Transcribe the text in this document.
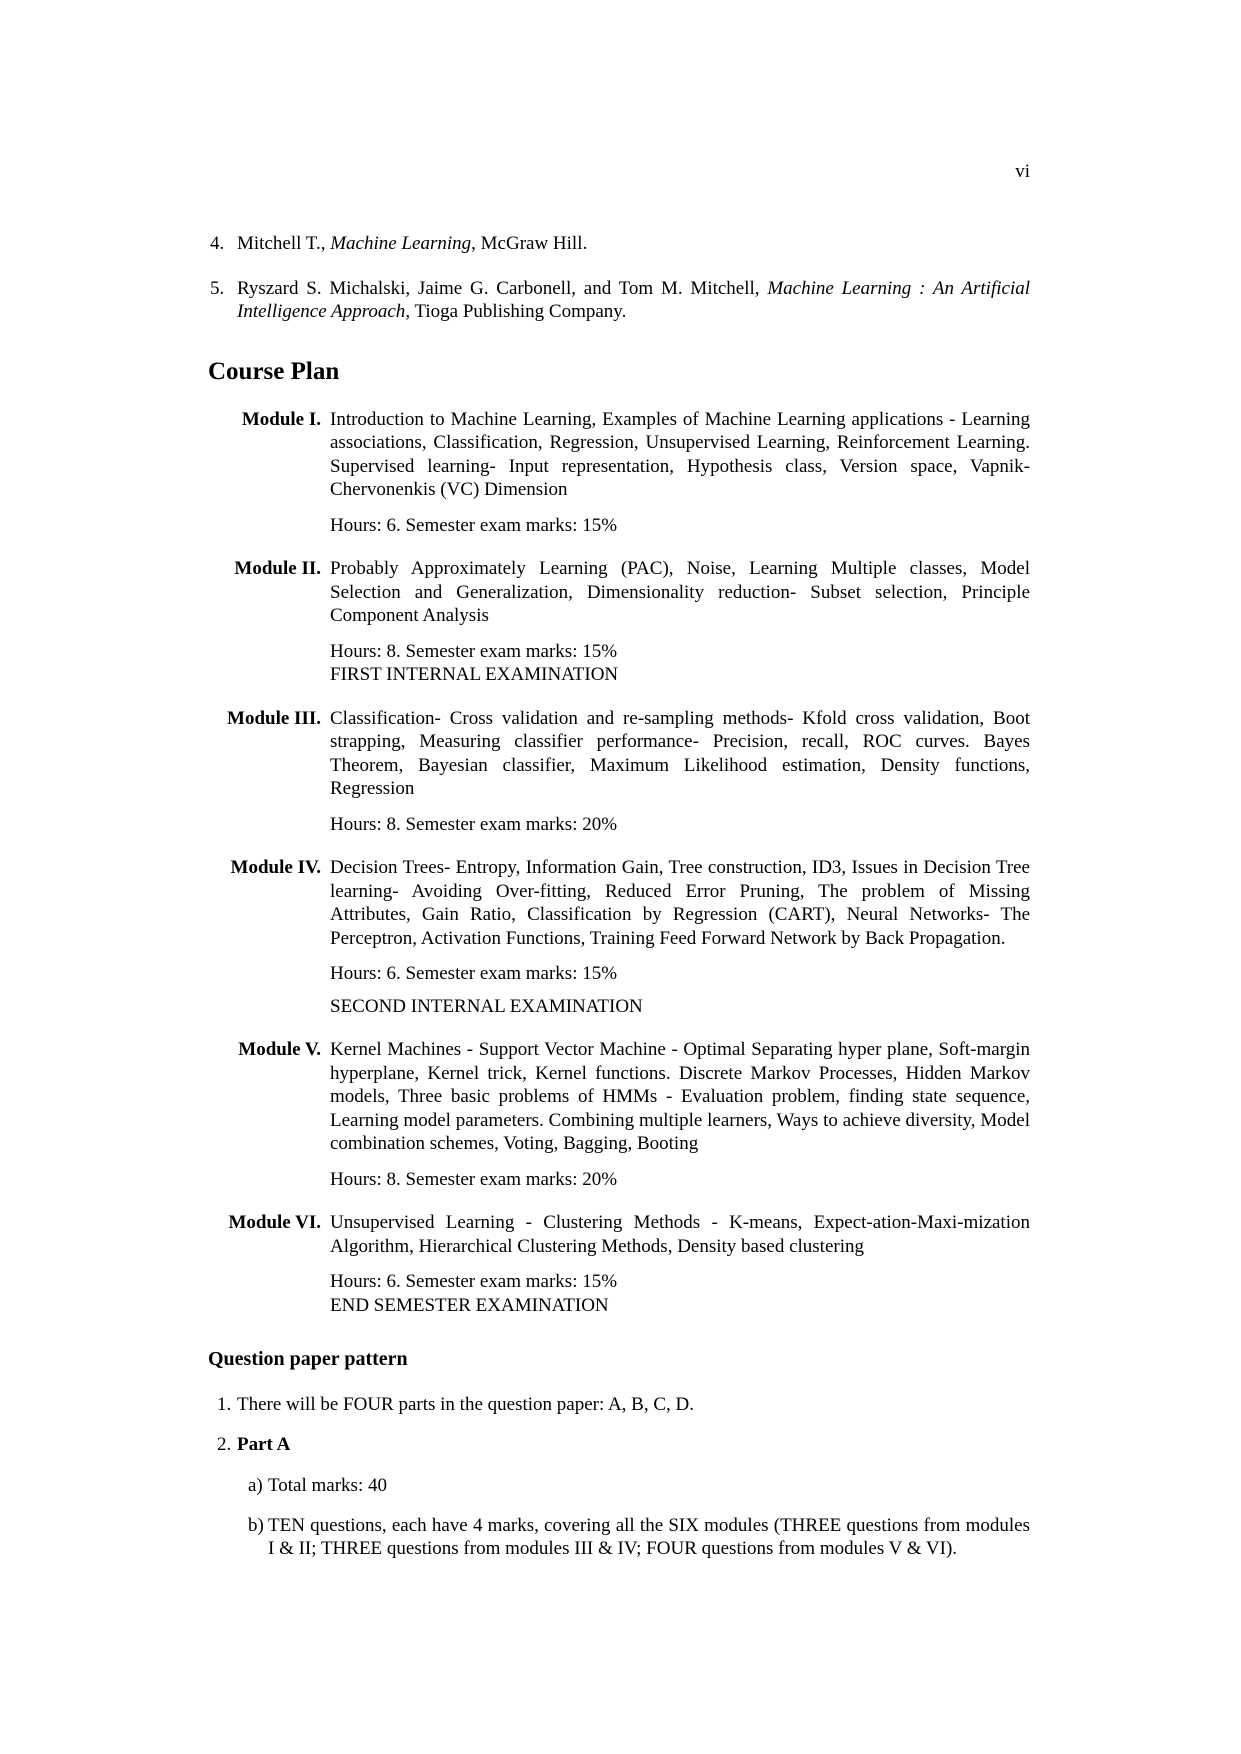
vi
4. Mitchell T., Machine Learning, McGraw Hill.
5. Ryszard S. Michalski, Jaime G. Carbonell, and Tom M. Mitchell, Machine Learning : An Artificial Intelligence Approach, Tioga Publishing Company.
Course Plan
Module I. Introduction to Machine Learning, Examples of Machine Learning applications - Learning associations, Classification, Regression, Unsupervised Learning, Reinforcement Learning. Supervised learning- Input representation, Hypothesis class, Version space, Vapnik-Chervonenkis (VC) Dimension
Hours: 6. Semester exam marks: 15%
Module II. Probably Approximately Learning (PAC), Noise, Learning Multiple classes, Model Selection and Generalization, Dimensionality reduction- Subset selection, Principle Component Analysis
Hours: 8. Semester exam marks: 15%
FIRST INTERNAL EXAMINATION
Module III. Classification- Cross validation and re-sampling methods- Kfold cross validation, Boot strapping, Measuring classifier performance- Precision, recall, ROC curves. Bayes Theorem, Bayesian classifier, Maximum Likelihood estimation, Density functions, Regression
Hours: 8. Semester exam marks: 20%
Module IV. Decision Trees- Entropy, Information Gain, Tree construction, ID3, Issues in Decision Tree learning- Avoiding Over-fitting, Reduced Error Pruning, The problem of Missing Attributes, Gain Ratio, Classification by Regression (CART), Neural Networks- The Perceptron, Activation Functions, Training Feed Forward Network by Back Propagation.
Hours: 6. Semester exam marks: 15%
SECOND INTERNAL EXAMINATION
Module V. Kernel Machines - Support Vector Machine - Optimal Separating hyper plane, Soft-margin hyperplane, Kernel trick, Kernel functions. Discrete Markov Processes, Hidden Markov models, Three basic problems of HMMs - Evaluation problem, finding state sequence, Learning model parameters. Combining multiple learners, Ways to achieve diversity, Model combination schemes, Voting, Bagging, Booting
Hours: 8. Semester exam marks: 20%
Module VI. Unsupervised Learning - Clustering Methods - K-means, Expect-ation-Maxi-mization Algorithm, Hierarchical Clustering Methods, Density based clustering
Hours: 6. Semester exam marks: 15%
END SEMESTER EXAMINATION
Question paper pattern
1. There will be FOUR parts in the question paper: A, B, C, D.
2. Part A
a) Total marks: 40
b) TEN questions, each have 4 marks, covering all the SIX modules (THREE questions from modules I & II; THREE questions from modules III & IV; FOUR questions from modules V & VI).
